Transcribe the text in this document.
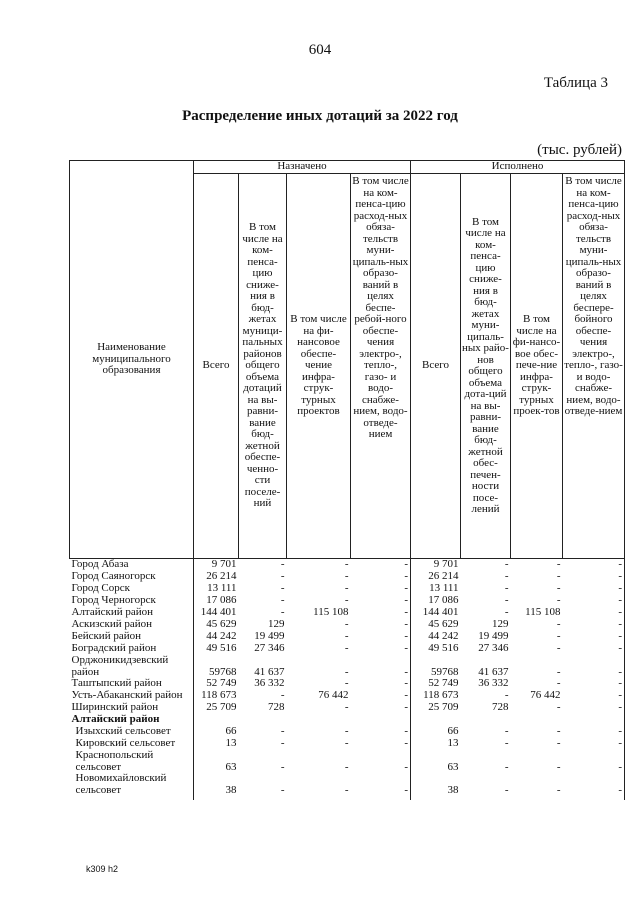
604
Таблица 3
Распределение иных дотаций за 2022 год
(тыс. рублей)
Наименование муниципального образования	Назначено				Исполнено			
	Всего	В том числе на ком-пенса-цию сниже-ния в бюд-жетах муници-пальных районов общего объема дотаций на вы-равни-вание бюд-жетной обеспе-ченно-сти поселе-ний	В том числе на фи-нансовое обеспе-чение инфра-струк-турных проектов	В том числе на ком-пенса-цию расход-ных обяза-тельств муни-ципаль-ных образо-ваний в целях беспе-ребой-ного обеспе-чения электро-, тепло-, газо- и водо-снабже-нием, водо-отведе-нием	Всего	В том числе на ком-пенса-цию сниже-ния в бюд-жетах муни-ципаль-ных райо-нов общего объема дота-ций на вы-равни-вание бюд-жетной обес-печен-ности посе-лений	В том числе на фи-нансо-вое обес-пече-ние инфра-струк-турных проек-тов	В том числе на ком-пенса-цию расход-ных обяза-тельств муни-ципаль-ных образо-ваний в целях беспере-бойного обеспе-чения электро-, тепло-, газо- и водо-снабже-нием, водо-отведе-нием
Город Абаза	9 701	-	-	-	9 701	-	-	-
Город Саяногорск	26 214	-	-	-	26 214	-	-	-
Город Сорск	13 111	-	-	-	13 111	-	-	-
Город Черногорск	17 086	-	-	-	17 086	-	-	-
Алтайский район	144 401	-	115 108	-	144 401	-	115 108	-
Аскизский район	45 629	129	-	-	45 629	129	-	-
Бейский район	44 242	19 499	-	-	44 242	19 499	-	-
Боградский район	49 516	27 346	-	-	49 516	27 346	-	-
Орджоникидзевский район	59768	41 637	-	-	59768	41 637	-	-
Таштыпский район	52 749	36 332	-	-	52 749	36 332	-	-
Усть-Абаканский район	118 673	-	76 442	-	118 673	-	76 442	-
Ширинский район	25 709	728	-	-	25 709	728	-	-
Алтайский район								
Изыхский сельсовет	66	-	-	-	66	-	-	-
Кировский сельсовет	13	-	-	-	13	-	-	-
Краснопольский сельсовет	63	-	-	-	63	-	-	-
Новомихайловский сельсовет	38	-	-	-	38	-	-	-
k309 h2
